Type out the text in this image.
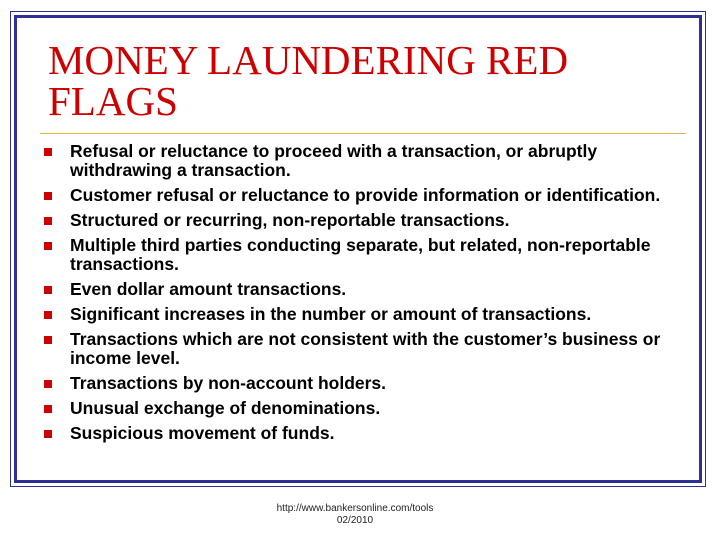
MONEY LAUNDERING RED FLAGS
Refusal or reluctance to proceed with a transaction, or abruptly withdrawing a transaction.
Customer refusal or reluctance to provide information or identification.
Structured or recurring, non-reportable transactions.
Multiple third parties conducting separate, but related, non-reportable transactions.
Even dollar amount transactions.
Significant increases in the number or amount of transactions.
Transactions which are not consistent with the customer’s business or income level.
Transactions by non-account holders.
Unusual exchange of denominations.
Suspicious movement of funds.
http://www.bankersonline.com/tools
02/2010
